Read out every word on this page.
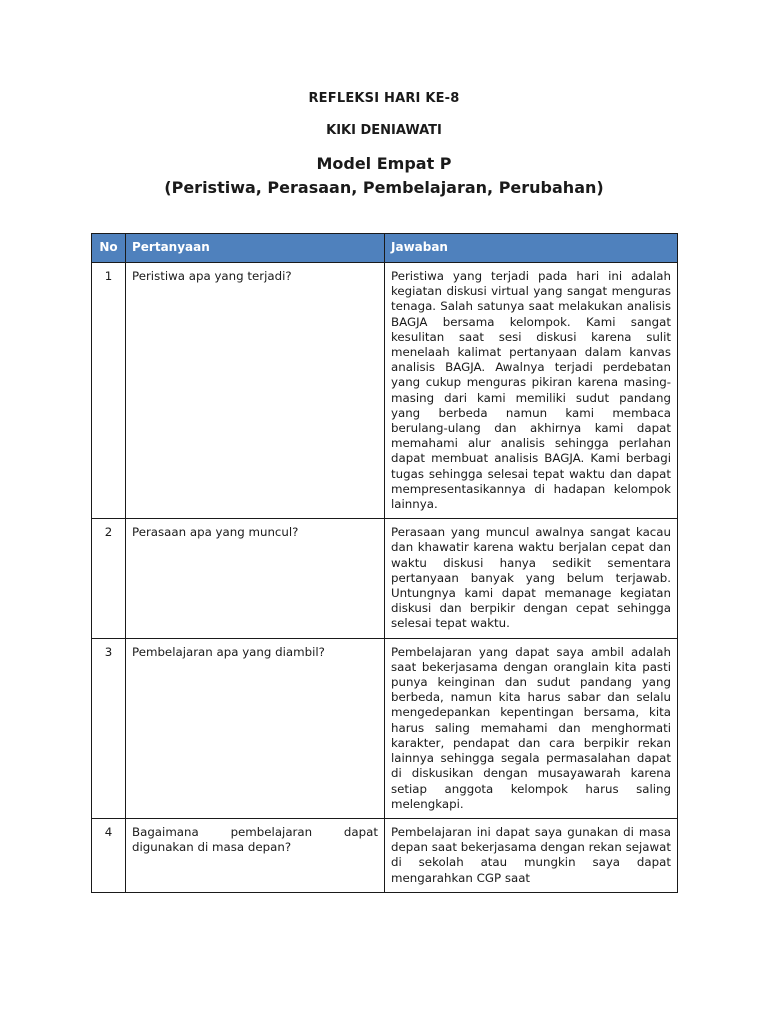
REFLEKSI HARI KE-8
KIKI DENIAWATI
Model Empat P
(Peristiwa, Perasaan, Pembelajaran, Perubahan)
No	Pertanyaan	Jawaban
1	Peristiwa apa yang terjadi?	Peristiwa yang terjadi pada hari ini adalah kegiatan diskusi virtual yang sangat menguras tenaga. Salah satunya saat melakukan analisis BAGJA bersama kelompok. Kami sangat kesulitan saat sesi diskusi karena sulit menelaah kalimat pertanyaan dalam kanvas analisis BAGJA. Awalnya terjadi perdebatan yang cukup menguras pikiran karena masing-masing dari kami memiliki sudut pandang yang berbeda namun kami membaca berulang-ulang dan akhirnya kami dapat memahami alur analisis sehingga perlahan dapat membuat analisis BAGJA. Kami berbagi tugas sehingga selesai tepat waktu dan dapat mempresentasikannya di hadapan kelompok lainnya.
2	Perasaan apa yang muncul?	Perasaan yang muncul awalnya sangat kacau dan khawatir karena waktu berjalan cepat dan waktu diskusi hanya sedikit sementara pertanyaan banyak yang belum terjawab. Untungnya kami dapat memanage kegiatan diskusi dan berpikir dengan cepat sehingga selesai tepat waktu.
3	Pembelajaran apa yang diambil?	Pembelajaran yang dapat saya ambil adalah saat bekerjasama dengan oranglain kita pasti punya keinginan dan sudut pandang yang berbeda, namun kita harus sabar dan selalu mengedepankan kepentingan bersama, kita harus saling memahami dan menghormati karakter, pendapat dan cara berpikir rekan lainnya sehingga segala permasalahan dapat di diskusikan dengan musayawarah karena setiap anggota kelompok harus saling melengkapi.
4	Bagaimana pembelajaran dapat digunakan di masa depan?	Pembelajaran ini dapat saya gunakan di masa depan saat bekerjasama dengan rekan sejawat di sekolah atau mungkin saya dapat mengarahkan CGP saat
